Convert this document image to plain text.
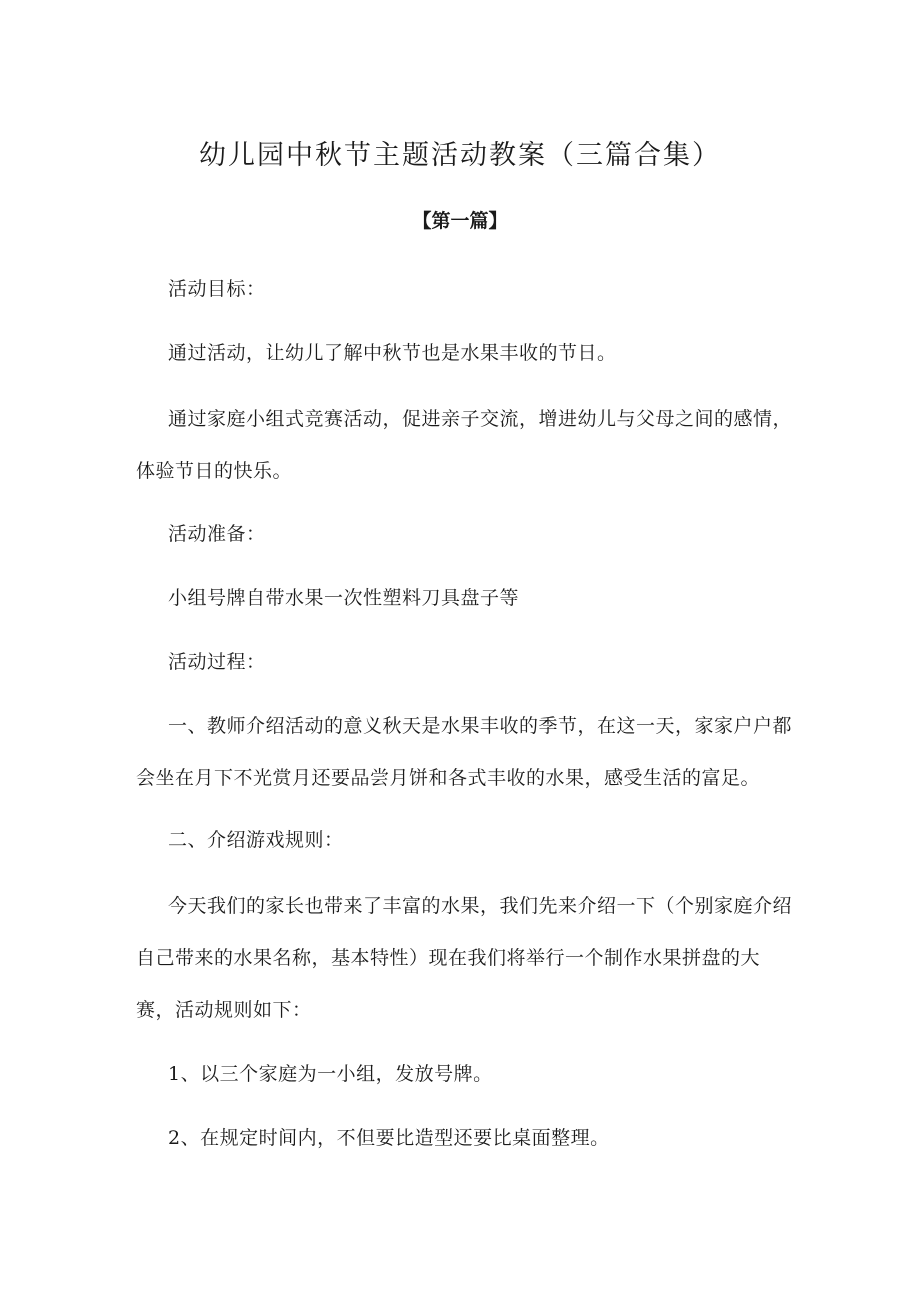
幼儿园中秋节主题活动教案（三篇合集）
【第一篇】

活动目标：

通过活动，让幼儿了解中秋节也是水果丰收的节日。

通过家庭小组式竞赛活动，促进亲子交流，增进幼儿与父母之间的感情，体验节日的快乐。

活动准备：

小组号牌自带水果一次性塑料刀具盘子等

活动过程：

一、教师介绍活动的意义秋天是水果丰收的季节，在这一天，家家户户都会坐在月下不光赏月还要品尝月饼和各式丰收的水果，感受生活的富足。

二、介绍游戏规则：

今天我们的家长也带来了丰富的水果，我们先来介绍一下（个别家庭介绍自己带来的水果名称，基本特性）现在我们将举行一个制作水果拼盘的大赛，活动规则如下：

1、以三个家庭为一小组，发放号牌。

2、在规定时间内，不但要比造型还要比桌面整理。
